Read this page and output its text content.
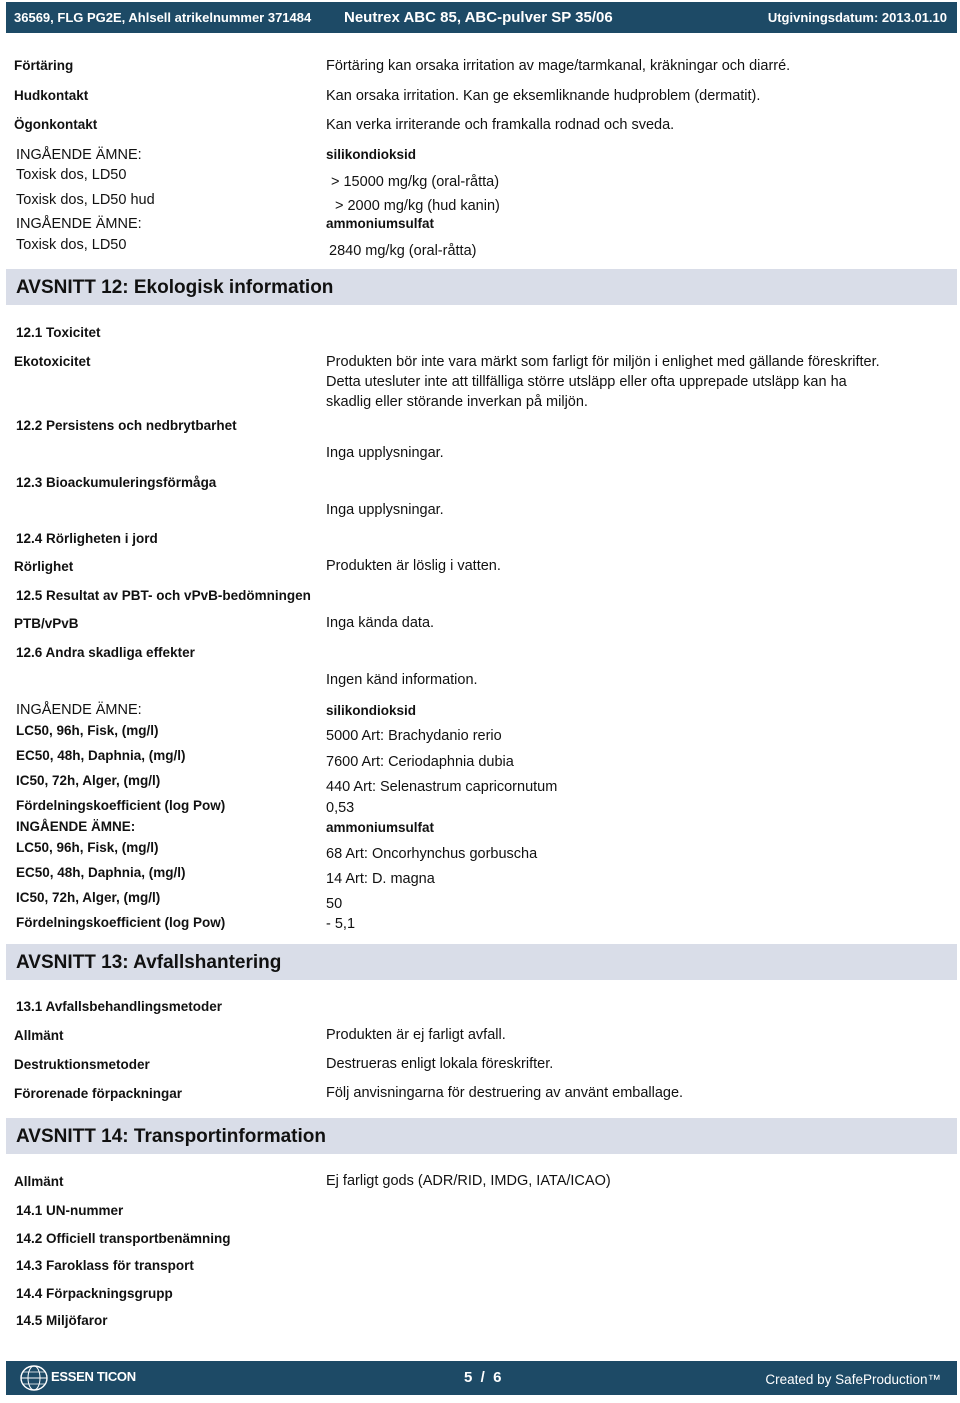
36569, FLG PG2E, Ahlsell atrikelnummer 371484 Neutrex ABC 85, ABC-pulver SP 35/06	Utgivningsdatum: 2013.01.10
Förtäring	Förtäring kan orsaka irritation av mage/tarmkanal, kräkningar och diarré.
Hudkontakt	Kan orsaka irritation. Kan ge eksemliknande hudproblem (dermatit).
Ögonkontakt	Kan verka irriterande och framkalla rodnad och sveda.
INGÅENDE ÄMNE:	silikondioksid
Toxisk dos, LD50	> 15000 mg/kg (oral-råtta)
Toxisk dos, LD50 hud	> 2000 mg/kg (hud kanin)
INGÅENDE ÄMNE:	ammoniumsulfat
Toxisk dos, LD50	2840 mg/kg (oral-råtta)
AVSNITT 12: Ekologisk information
12.1 Toxicitet
Ekotoxicitet	Produkten bör inte vara märkt som farligt för miljön i enlighet med gällande föreskrifter. Detta utesluter inte att tillfälliga större utsläpp eller ofta upprepade utsläpp kan ha skadlig eller störande inverkan på miljön.
12.2 Persistens och nedbrytbarhet
Inga upplysningar.
12.3 Bioackumuleringsförmåga
Inga upplysningar.
12.4 Rörligheten i jord
Rörlighet	Produkten är löslig i vatten.
12.5 Resultat av PBT- och vPvB-bedömningen
PTB/vPvB	Inga kända data.
12.6 Andra skadliga effekter
Ingen känd information.
INGÅENDE ÄMNE:	silikondioksid
LC50, 96h, Fisk, (mg/l)	5000 Art: Brachydanio rerio
EC50, 48h, Daphnia, (mg/l)	7600 Art: Ceriodaphnia dubia
IC50, 72h, Alger, (mg/l)	440 Art: Selenastrum capricornutum
Fördelningskoefficient (log Pow)	0,53
INGÅENDE ÄMNE:	ammoniumsulfat
LC50, 96h, Fisk, (mg/l)	68 Art: Oncorhynchus gorbuscha
EC50, 48h, Daphnia, (mg/l)	14 Art: D. magna
IC50, 72h, Alger, (mg/l)	50
Fördelningskoefficient (log Pow)	- 5,1
AVSNITT 13: Avfallshantering
13.1 Avfallsbehandlingsmetoder
Allmänt	Produkten är ej farligt avfall.
Destruktionsmetoder	Destrueras enligt lokala föreskrifter.
Förorenade förpackningar	Följ anvisningarna för destruering av använt emballage.
AVSNITT 14: Transportinformation
Allmänt	Ej farligt gods (ADR/RID, IMDG, IATA/ICAO)
14.1 UN-nummer
14.2 Officiell transportbenämning
14.3 Faroklass för transport
14.4 Förpackningsgrupp
14.5 Miljöfaror
ESSEN TICON	5  /  6	Created by SafeProduction™
